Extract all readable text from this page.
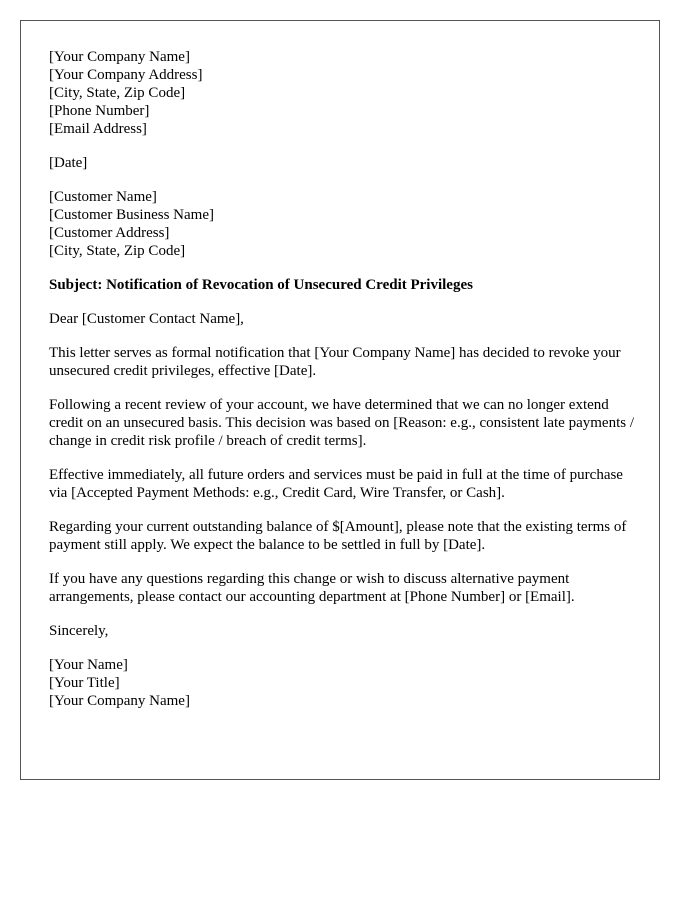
[Your Company Name]
[Your Company Address]
[City, State, Zip Code]
[Phone Number]
[Email Address]
[Date]
[Customer Name]
[Customer Business Name]
[Customer Address]
[City, State, Zip Code]

Subject: Notification of Revocation of Unsecured Credit Privileges

Dear [Customer Contact Name],

This letter serves as formal notification that [Your Company Name] has decided to revoke your unsecured credit privileges, effective [Date].

Following a recent review of your account, we have determined that we can no longer extend credit on an unsecured basis. This decision was based on [Reason: e.g., consistent late payments / change in credit risk profile / breach of credit terms].

Effective immediately, all future orders and services must be paid in full at the time of purchase via [Accepted Payment Methods: e.g., Credit Card, Wire Transfer, or Cash].

Regarding your current outstanding balance of $[Amount], please note that the existing terms of payment still apply. We expect the balance to be settled in full by [Date].

If you have any questions regarding this change or wish to discuss alternative payment arrangements, please contact our accounting department at [Phone Number] or [Email].

Sincerely,

[Your Name]
[Your Title]
[Your Company Name]
